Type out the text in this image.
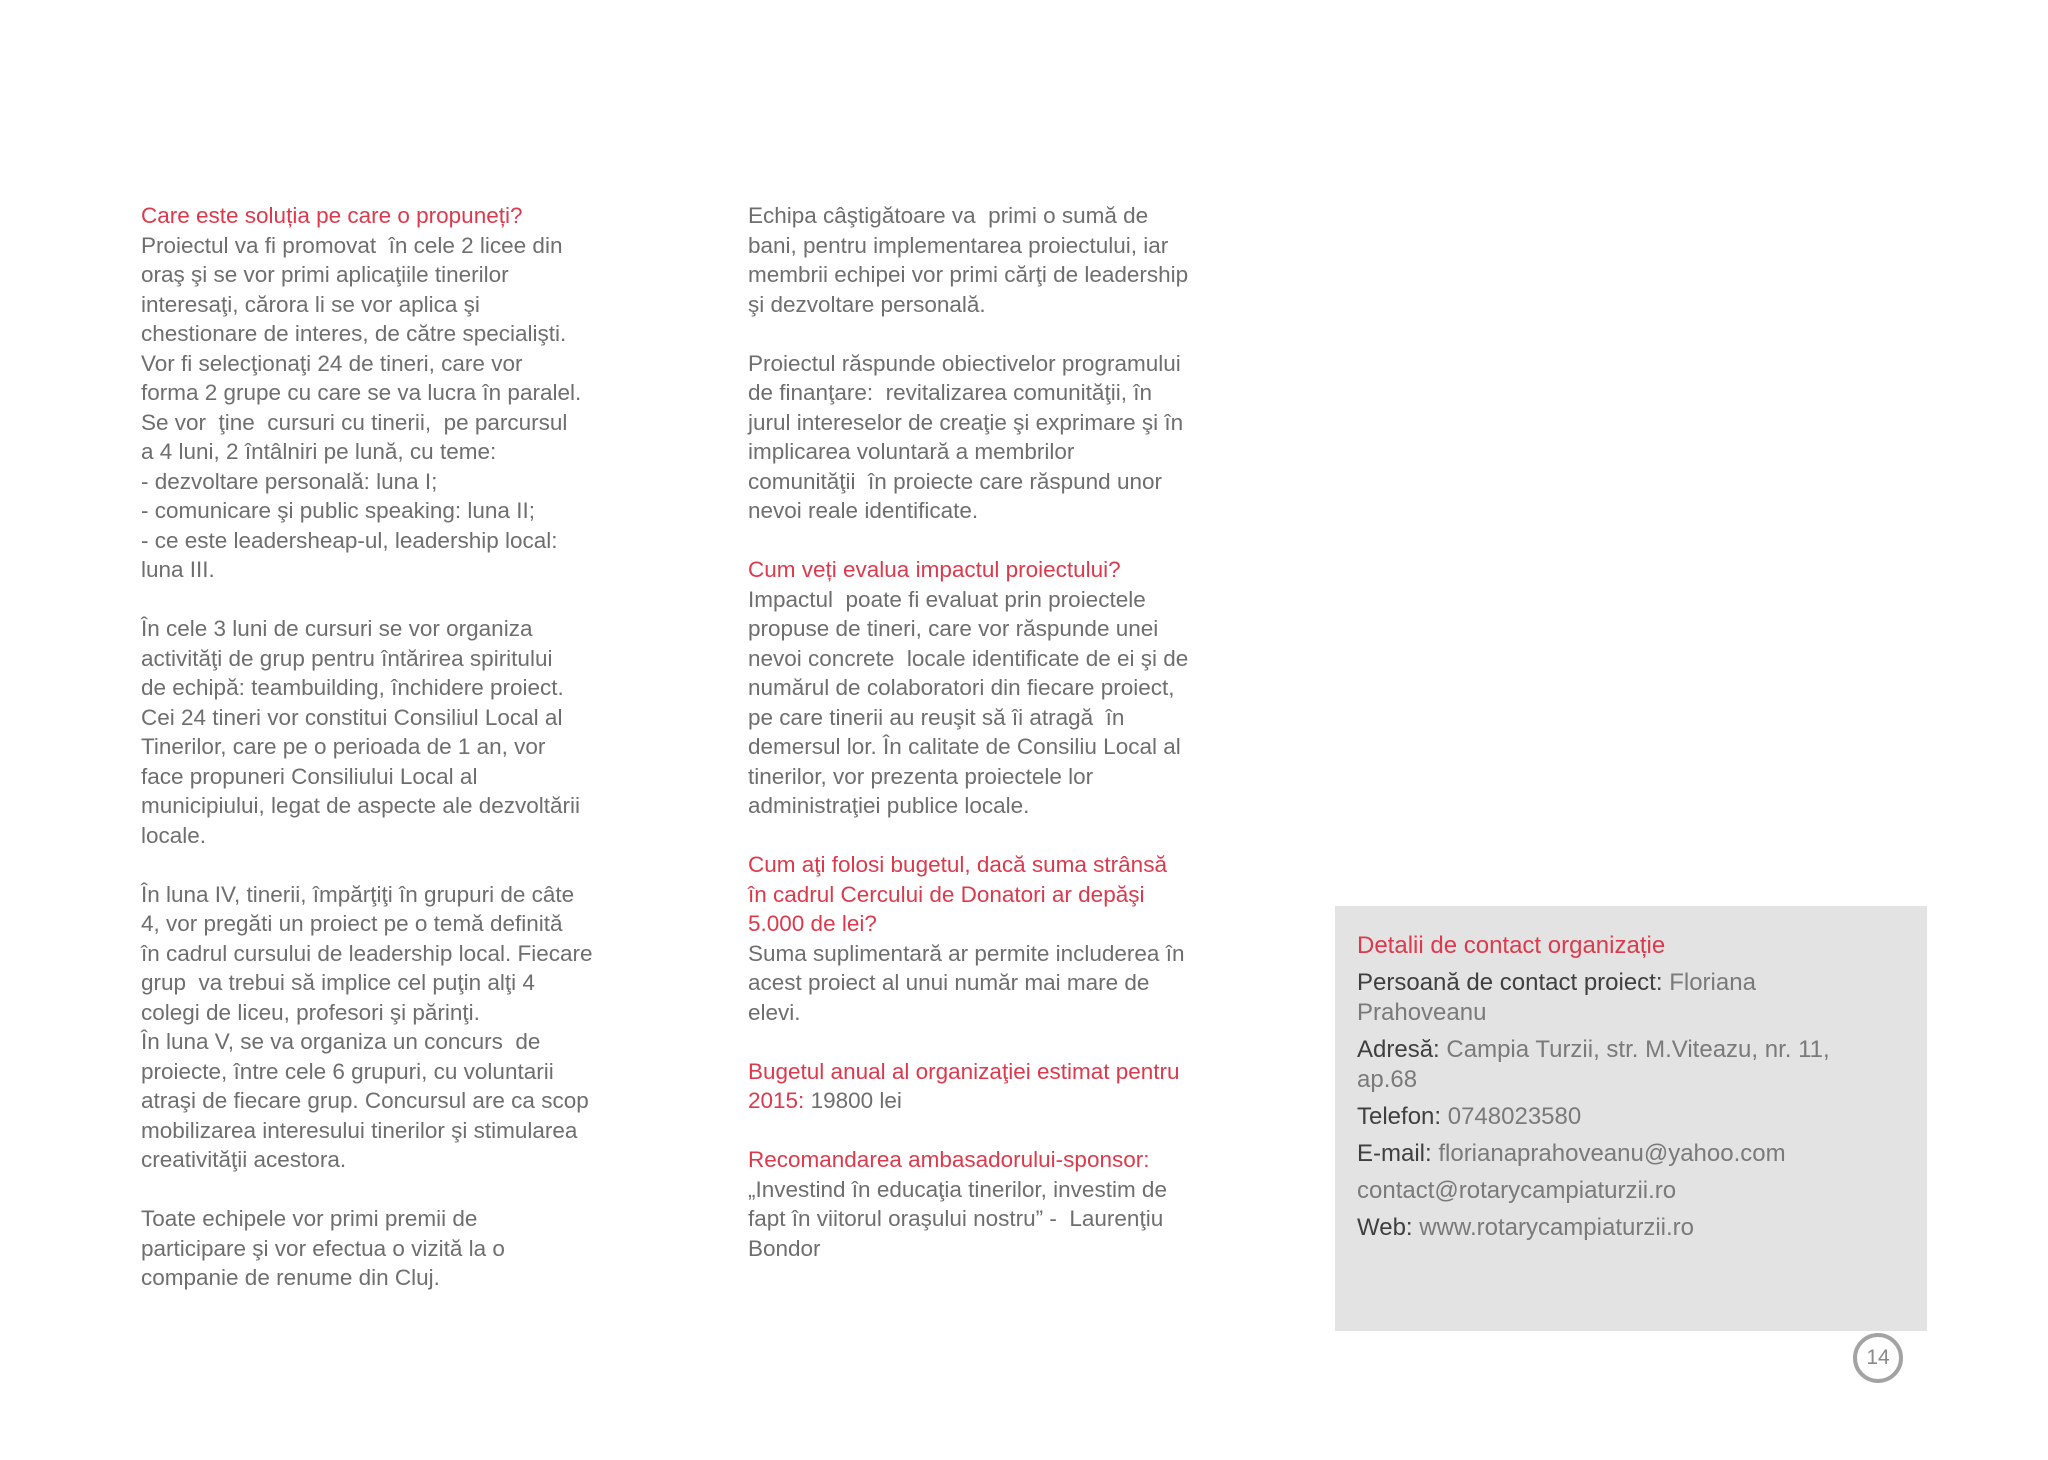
Care este soluția pe care o propuneți?
Proiectul va fi promovat  în cele 2 licee din
oraş şi se vor primi aplicaţiile tinerilor
interesaţi, cărora li se vor aplica şi
chestionare de interes, de către specialişti.
Vor fi selecţionaţi 24 de tineri, care vor
forma 2 grupe cu care se va lucra în paralel.
Se vor  ţine  cursuri cu tinerii,  pe parcursul
a 4 luni, 2 întâlniri pe lună, cu teme:
- dezvoltare personală: luna I;
- comunicare şi public speaking: luna II;
- ce este leadersheap-ul, leadership local:
luna III.
În cele 3 luni de cursuri se vor organiza
activităţi de grup pentru întărirea spiritului
de echipă: teambuilding, închidere proiect.
Cei 24 tineri vor constitui Consiliul Local al
Tinerilor, care pe o perioada de 1 an, vor
face propuneri Consiliului Local al
municipiului, legat de aspecte ale dezvoltării
locale.
În luna IV, tinerii, împărţiţi în grupuri de câte
4, vor pregăti un proiect pe o temă definită
în cadrul cursului de leadership local. Fiecare
grup  va trebui să implice cel puţin alţi 4
colegi de liceu, profesori şi părinţi.
În luna V, se va organiza un concurs  de
proiecte, între cele 6 grupuri, cu voluntarii
atraşi de fiecare grup. Concursul are ca scop
mobilizarea interesului tinerilor şi stimularea
creativităţii acestora.
Toate echipele vor primi premii de
participare şi vor efectua o vizită la o
companie de renume din Cluj.
Echipa câştigătoare va  primi o sumă de
bani, pentru implementarea proiectului, iar
membrii echipei vor primi cărţi de leadership
şi dezvoltare personală.
Proiectul răspunde obiectivelor programului
de finanţare:  revitalizarea comunităţii, în
jurul intereselor de creaţie şi exprimare şi în
implicarea voluntară a membrilor
comunităţii  în proiecte care răspund unor
nevoi reale identificate.
Cum veți evalua impactul proiectului?
Impactul  poate fi evaluat prin proiectele
propuse de tineri, care vor răspunde unei
nevoi concrete  locale identificate de ei şi de
numărul de colaboratori din fiecare proiect,
pe care tinerii au reuşit să îi atragă  în
demersul lor. În calitate de Consiliu Local al
tinerilor, vor prezenta proiectele lor
administraţiei publice locale.
Cum aţi folosi bugetul, dacă suma strânsă
în cadrul Cercului de Donatori ar depăşi
5.000 de lei?
Suma suplimentară ar permite includerea în
acest proiect al unui număr mai mare de
elevi.
Bugetul anual al organizaţiei estimat pentru
2015: 19800 lei
Recomandarea ambasadorului-sponsor:
„Investind în educaţia tinerilor, investim de
fapt în viitorul oraşului nostru” -  Laurenţiu
Bondor
Detalii de contact organizație
Persoană de contact proiect: Floriana
Prahoveanu
Adresă: Campia Turzii, str. M.Viteazu, nr. 11,
ap.68
Telefon: 0748023580
E-mail: florianaprahoveanu@yahoo.com
contact@rotarycampiaturzii.ro
Web: www.rotarycampiaturzii.ro
14
